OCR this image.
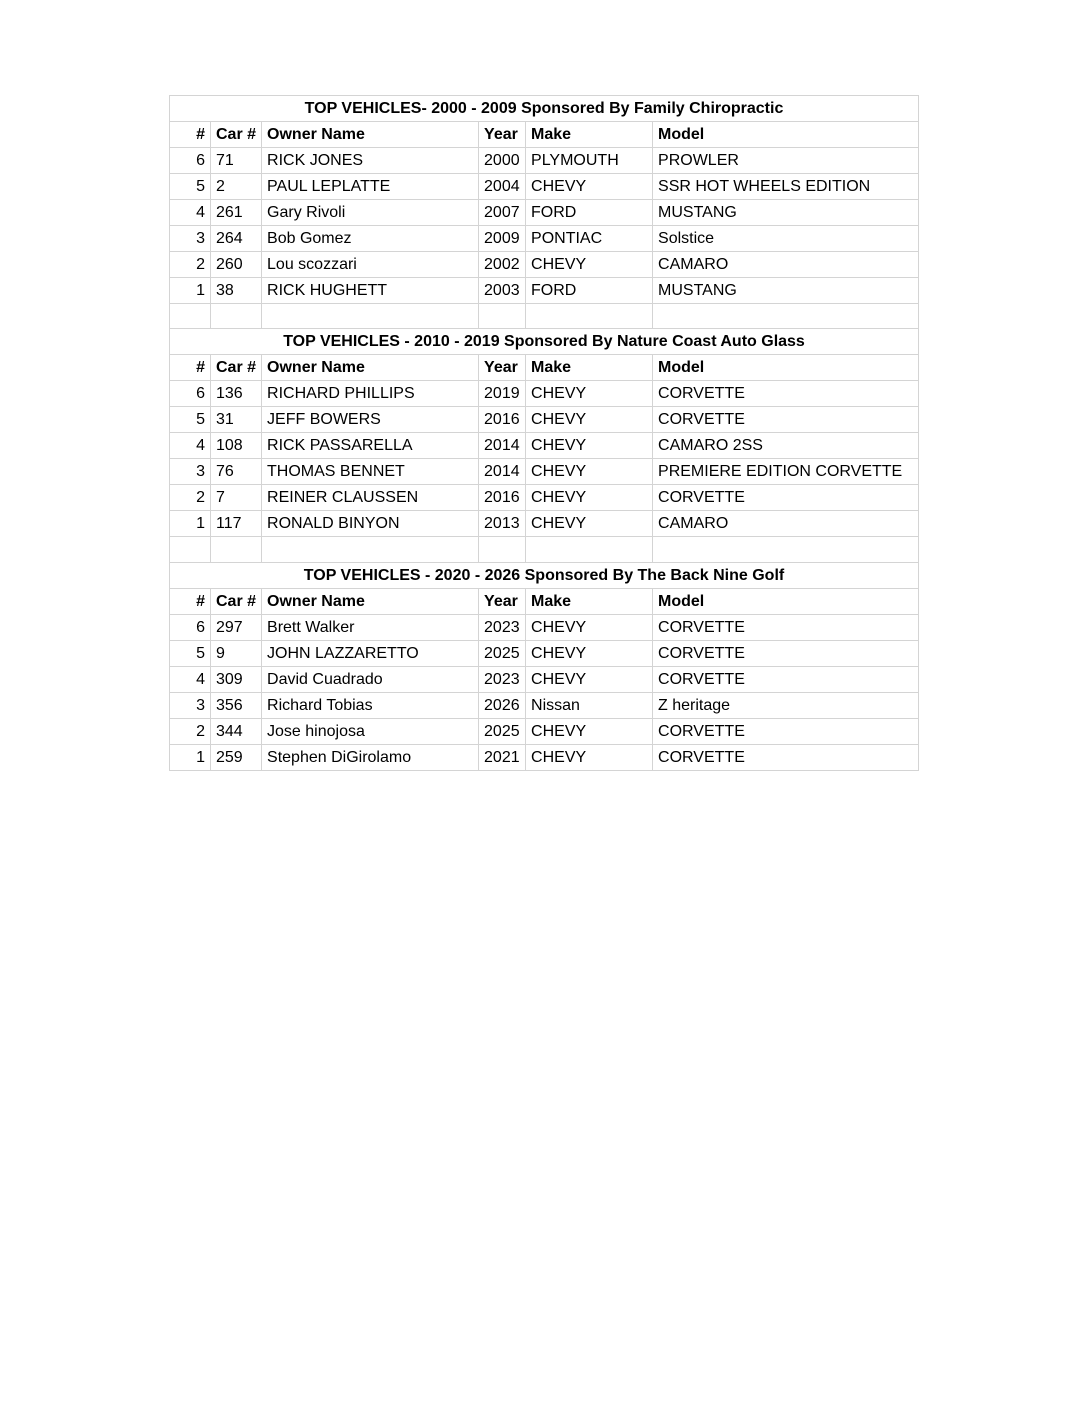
TOP VEHICLES- 2000 - 2009 Sponsored By Family Chiropractic					
#	Car #	Owner Name	Year	Make	Model
6	71	RICK JONES	2000	PLYMOUTH	PROWLER
5	2	PAUL LEPLATTE	2004	CHEVY	SSR HOT WHEELS EDITION
4	261	Gary Rivoli	2007	FORD	MUSTANG
3	264	Bob Gomez	2009	PONTIAC	Solstice
2	260	Lou scozzari	2002	CHEVY	CAMARO
1	38	RICK HUGHETT	2003	FORD	MUSTANG

TOP VEHICLES - 2010 - 2019 Sponsored By Nature Coast Auto Glass					
#	Car #	Owner Name	Year	Make	Model
6	136	RICHARD PHILLIPS	2019	CHEVY	CORVETTE
5	31	JEFF BOWERS	2016	CHEVY	CORVETTE
4	108	RICK PASSARELLA	2014	CHEVY	CAMARO 2SS
3	76	THOMAS BENNET	2014	CHEVY	PREMIERE EDITION CORVETTE
2	7	REINER CLAUSSEN	2016	CHEVY	CORVETTE
1	117	RONALD BINYON	2013	CHEVY	CAMARO

TOP VEHICLES - 2020 - 2026 Sponsored By The Back Nine Golf					
#	Car #	Owner Name	Year	Make	Model
6	297	Brett Walker	2023	CHEVY	CORVETTE
5	9	JOHN LAZZARETTO	2025	CHEVY	CORVETTE
4	309	David Cuadrado	2023	CHEVY	CORVETTE
3	356	Richard Tobias	2026	Nissan	Z heritage
2	344	Jose hinojosa	2025	CHEVY	CORVETTE
1	259	Stephen DiGirolamo	2021	CHEVY	CORVETTE
